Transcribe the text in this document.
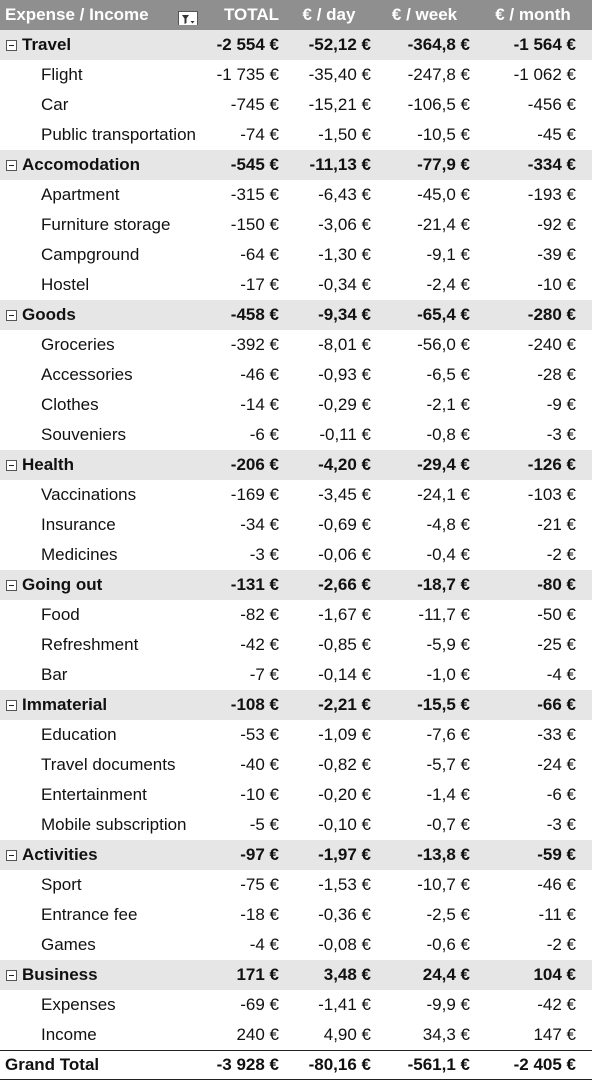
Expense / Income	TOTAL	€ / day	€ / week	€ / month
Travel	-2 554 €	-52,12 €	-364,8 €	-1 564 €
Flight	-1 735 €	-35,40 €	-247,8 €	-1 062 €
Car	-745 €	-15,21 €	-106,5 €	-456 €
Public transportation	-74 €	-1,50 €	-10,5 €	-45 €
Accomodation	-545 €	-11,13 €	-77,9 €	-334 €
Apartment	-315 €	-6,43 €	-45,0 €	-193 €
Furniture storage	-150 €	-3,06 €	-21,4 €	-92 €
Campground	-64 €	-1,30 €	-9,1 €	-39 €
Hostel	-17 €	-0,34 €	-2,4 €	-10 €
Goods	-458 €	-9,34 €	-65,4 €	-280 €
Groceries	-392 €	-8,01 €	-56,0 €	-240 €
Accessories	-46 €	-0,93 €	-6,5 €	-28 €
Clothes	-14 €	-0,29 €	-2,1 €	-9 €
Souveniers	-6 €	-0,11 €	-0,8 €	-3 €
Health	-206 €	-4,20 €	-29,4 €	-126 €
Vaccinations	-169 €	-3,45 €	-24,1 €	-103 €
Insurance	-34 €	-0,69 €	-4,8 €	-21 €
Medicines	-3 €	-0,06 €	-0,4 €	-2 €
Going out	-131 €	-2,66 €	-18,7 €	-80 €
Food	-82 €	-1,67 €	-11,7 €	-50 €
Refreshment	-42 €	-0,85 €	-5,9 €	-25 €
Bar	-7 €	-0,14 €	-1,0 €	-4 €
Immaterial	-108 €	-2,21 €	-15,5 €	-66 €
Education	-53 €	-1,09 €	-7,6 €	-33 €
Travel documents	-40 €	-0,82 €	-5,7 €	-24 €
Entertainment	-10 €	-0,20 €	-1,4 €	-6 €
Mobile subscription	-5 €	-0,10 €	-0,7 €	-3 €
Activities	-97 €	-1,97 €	-13,8 €	-59 €
Sport	-75 €	-1,53 €	-10,7 €	-46 €
Entrance fee	-18 €	-0,36 €	-2,5 €	-11 €
Games	-4 €	-0,08 €	-0,6 €	-2 €
Business	171 €	3,48 €	24,4 €	104 €
Expenses	-69 €	-1,41 €	-9,9 €	-42 €
Income	240 €	4,90 €	34,3 €	147 €
Grand Total	-3 928 €	-80,16 €	-561,1 €	-2 405 €
